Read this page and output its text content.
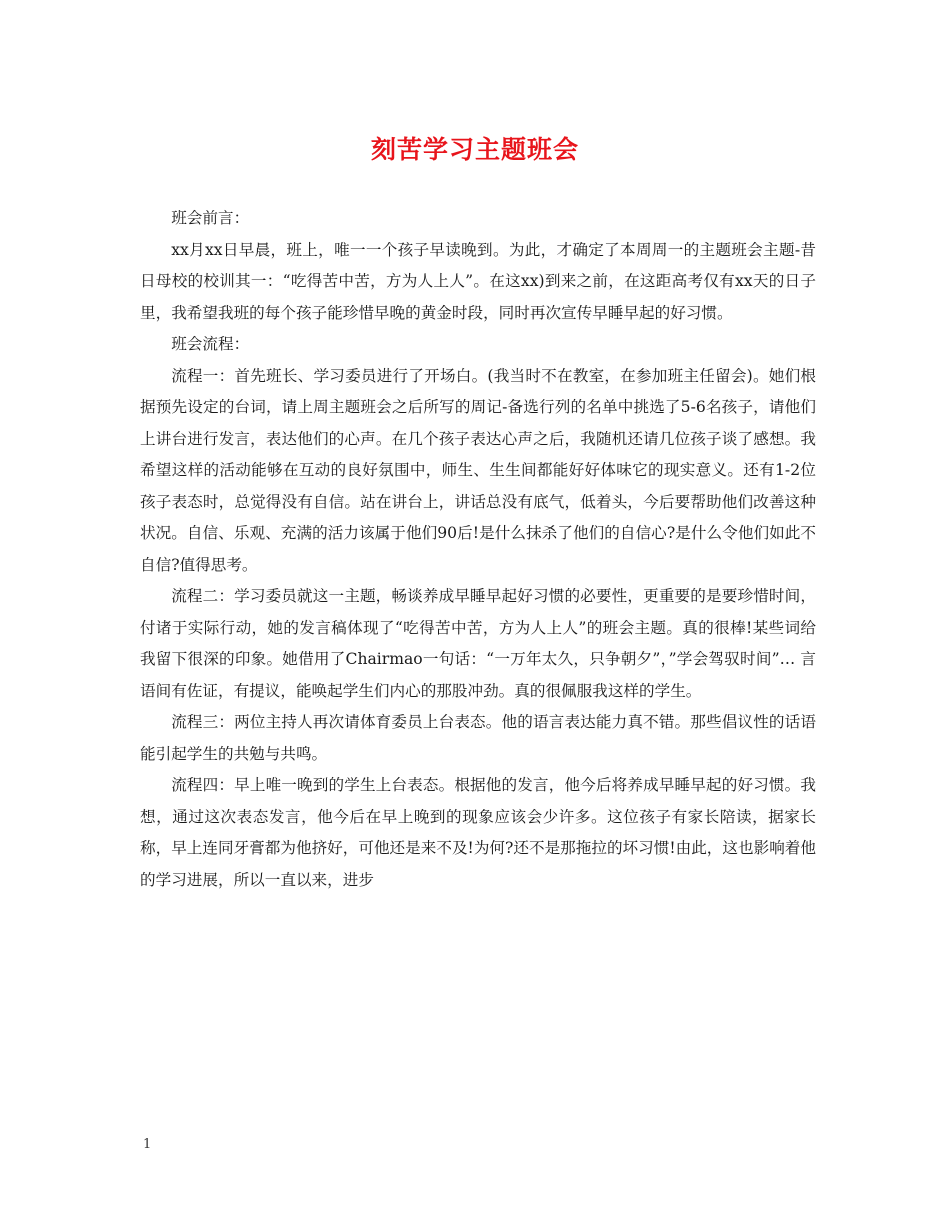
刻苦学习主题班会

班会前言：

xx月xx日早晨，班上，唯一一个孩子早读晚到。为此，才确定了本周周一的主题班会主题-昔日母校的校训其一：“吃得苦中苦，方为人上人”。在这xx)到来之前，在这距高考仅有xx天的日子里，我希望我班的每个孩子能珍惜早晚的黄金时段，同时再次宣传早睡早起的好习惯。

班会流程：

流程一：首先班长、学习委员进行了开场白。(我当时不在教室，在参加班主任留会)。她们根据预先设定的台词，请上周主题班会之后所写的周记-备选行列的名单中挑选了5-6名孩子，请他们上讲台进行发言，表达他们的心声。在几个孩子表达心声之后，我随机还请几位孩子谈了感想。我希望这样的活动能够在互动的良好氛围中，师生、生生间都能好好体味它的现实意义。还有1-2位孩子表态时，总觉得没有自信。站在讲台上，讲话总没有底气，低着头，今后要帮助他们改善这种状况。自信、乐观、充满的活力该属于他们90后!是什么抹杀了他们的自信心?是什么令他们如此不自信?值得思考。

流程二：学习委员就这一主题，畅谈养成早睡早起好习惯的必要性，更重要的是要珍惜时间，付诸于实际行动，她的发言稿体现了“吃得苦中苦，方为人上人”的班会主题。真的很棒!某些词给我留下很深的印象。她借用了Chairmao一句话：“一万年太久，只争朝夕”，”学会驾驭时间”… 言语间有佐证，有提议，能唤起学生们内心的那股冲劲。真的很佩服我这样的学生。

流程三：两位主持人再次请体育委员上台表态。他的语言表达能力真不错。那些倡议性的话语能引起学生的共勉与共鸣。

流程四：早上唯一晚到的学生上台表态。根据他的发言，他今后将养成早睡早起的好习惯。我想，通过这次表态发言，他今后在早上晚到的现象应该会少许多。这位孩子有家长陪读，据家长称，早上连同牙膏都为他挤好，可他还是来不及!为何?还不是那拖拉的坏习惯!由此，这也影响着他的学习进展，所以一直以来，进步

1
